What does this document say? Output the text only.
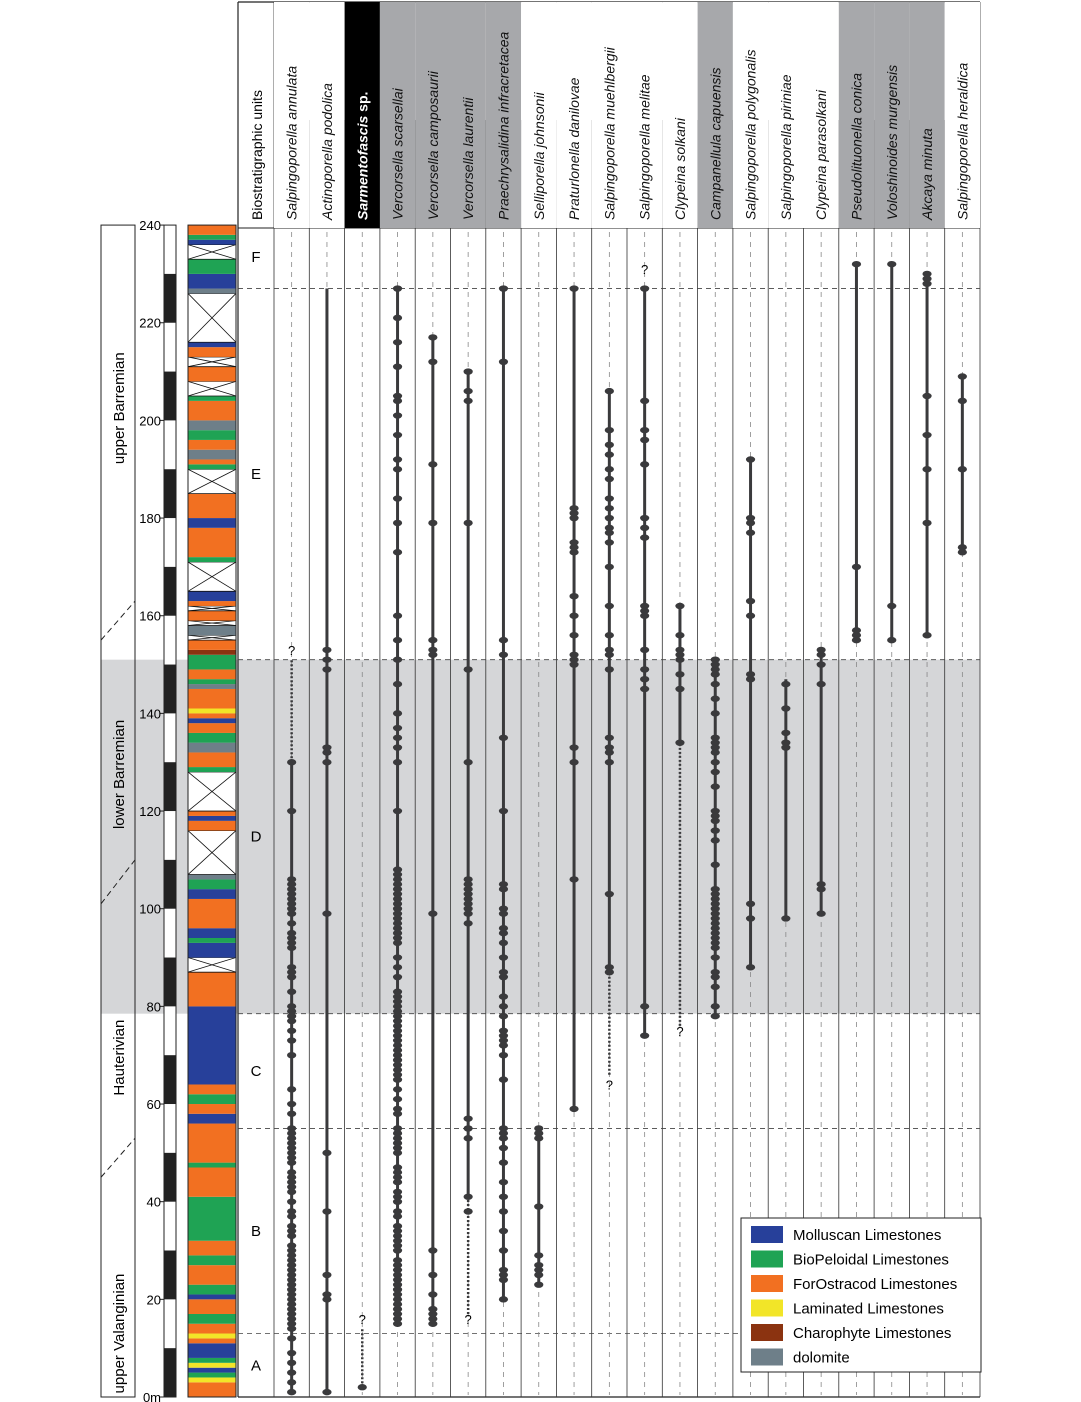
Salpingoporella annulata
Actinoporella podolica
Sarmentofascis sp.
Vercorsella scarsellai
Vercorsella camposaurii
Vercorsella laurentii Praechrysalidina infracretacea
Selliporella johnsonii
Praturlonella danilovae
Salpingoporella muehlbergii
Salpingoporella melitae
Clypeina solkani Campanellula capuensis
Salpingoporella polygonalis
Salpingoporella piriniae
Clypeina parasolkani Pseudolituonella conica
Voloshinoides murgensis
Akcaya minuta Salpingoporella heraldica
Biostratigraphic units
?
?	?
?
?
?
A
B
C
D
E
F
upper Valanginian
Hauterivian
lower Barremian
upper Barremian
0m
20
40
60
80
100
120
140
160
180
200
220
240
Molluscan Limestones
BioPeloidal Limestones
ForOstracod Limestones
Laminated Limestones
Charophyte Limestones
dolomite
